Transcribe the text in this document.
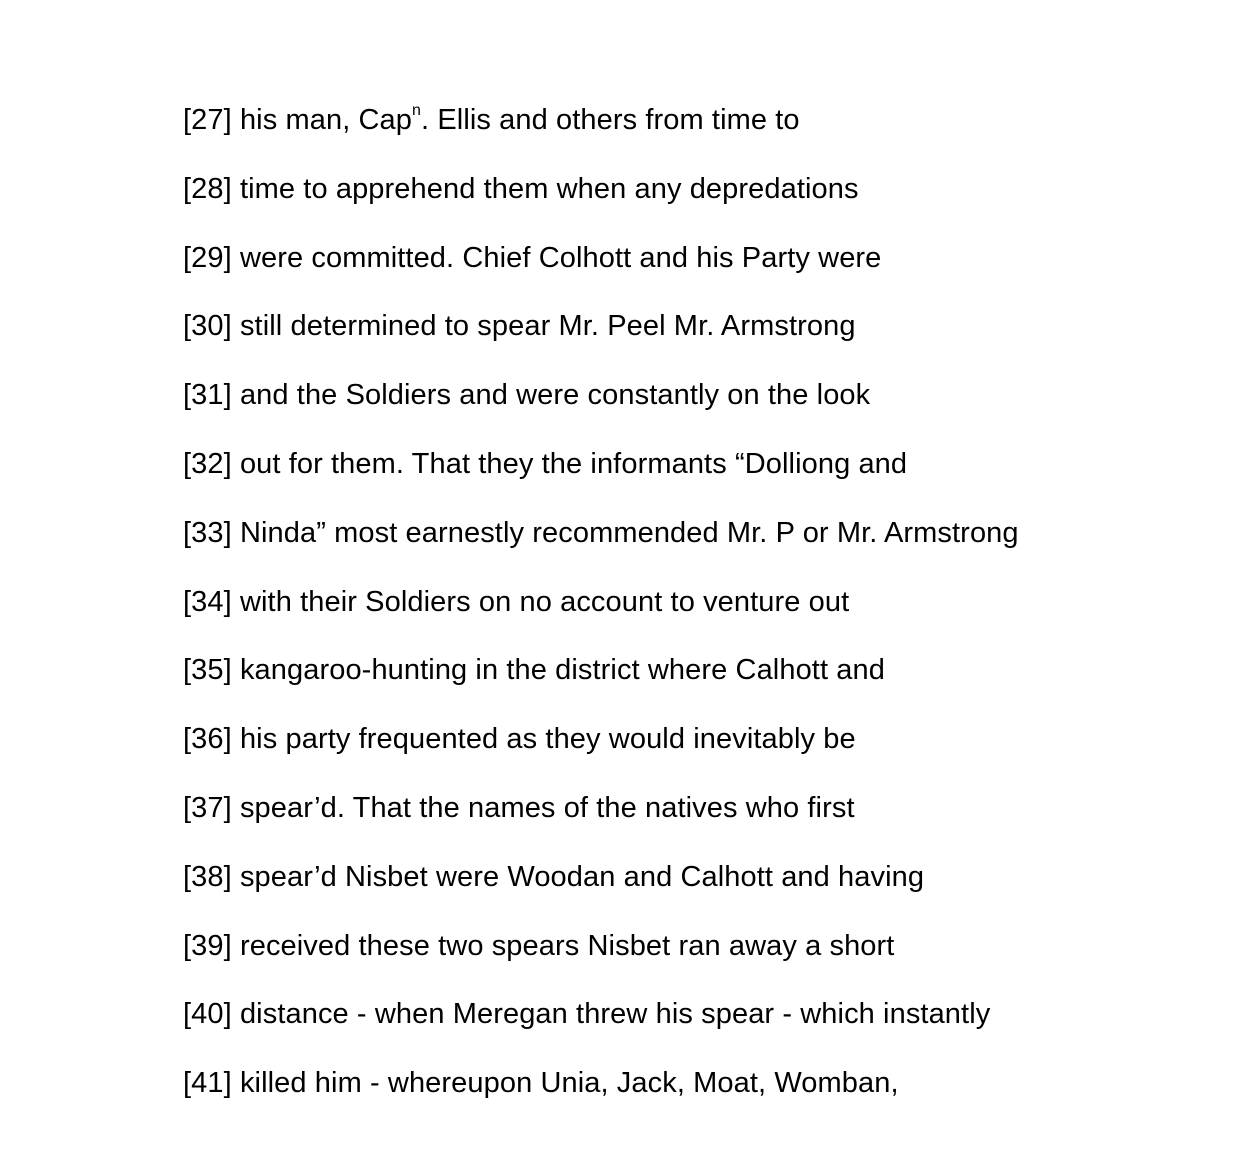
[27] his man, Cap$^n$. Ellis and others from time to
[28] time to apprehend them when any depredations
[29] were committed. Chief Colhott and his Party were
[30] still determined to spear Mr. Peel Mr. Armstrong
[31] and the Soldiers and were constantly on the look
[32] out for them. That they the informants “Dolliong and
[33] Ninda” most earnestly recommended Mr. P or Mr. Armstrong
[34] with their Soldiers on no account to venture out
[35] kangaroo-hunting in the district where Calhott and
[36] his party frequented as they would inevitably be
[37] spear’d. That the names of the natives who first
[38] spear’d Nisbet were Woodan and Calhott and having
[39] received these two spears Nisbet ran away a short
[40] distance - when Meregan threw his spear - which instantly
[41] killed him - whereupon Unia, Jack, Moat, Womban,
